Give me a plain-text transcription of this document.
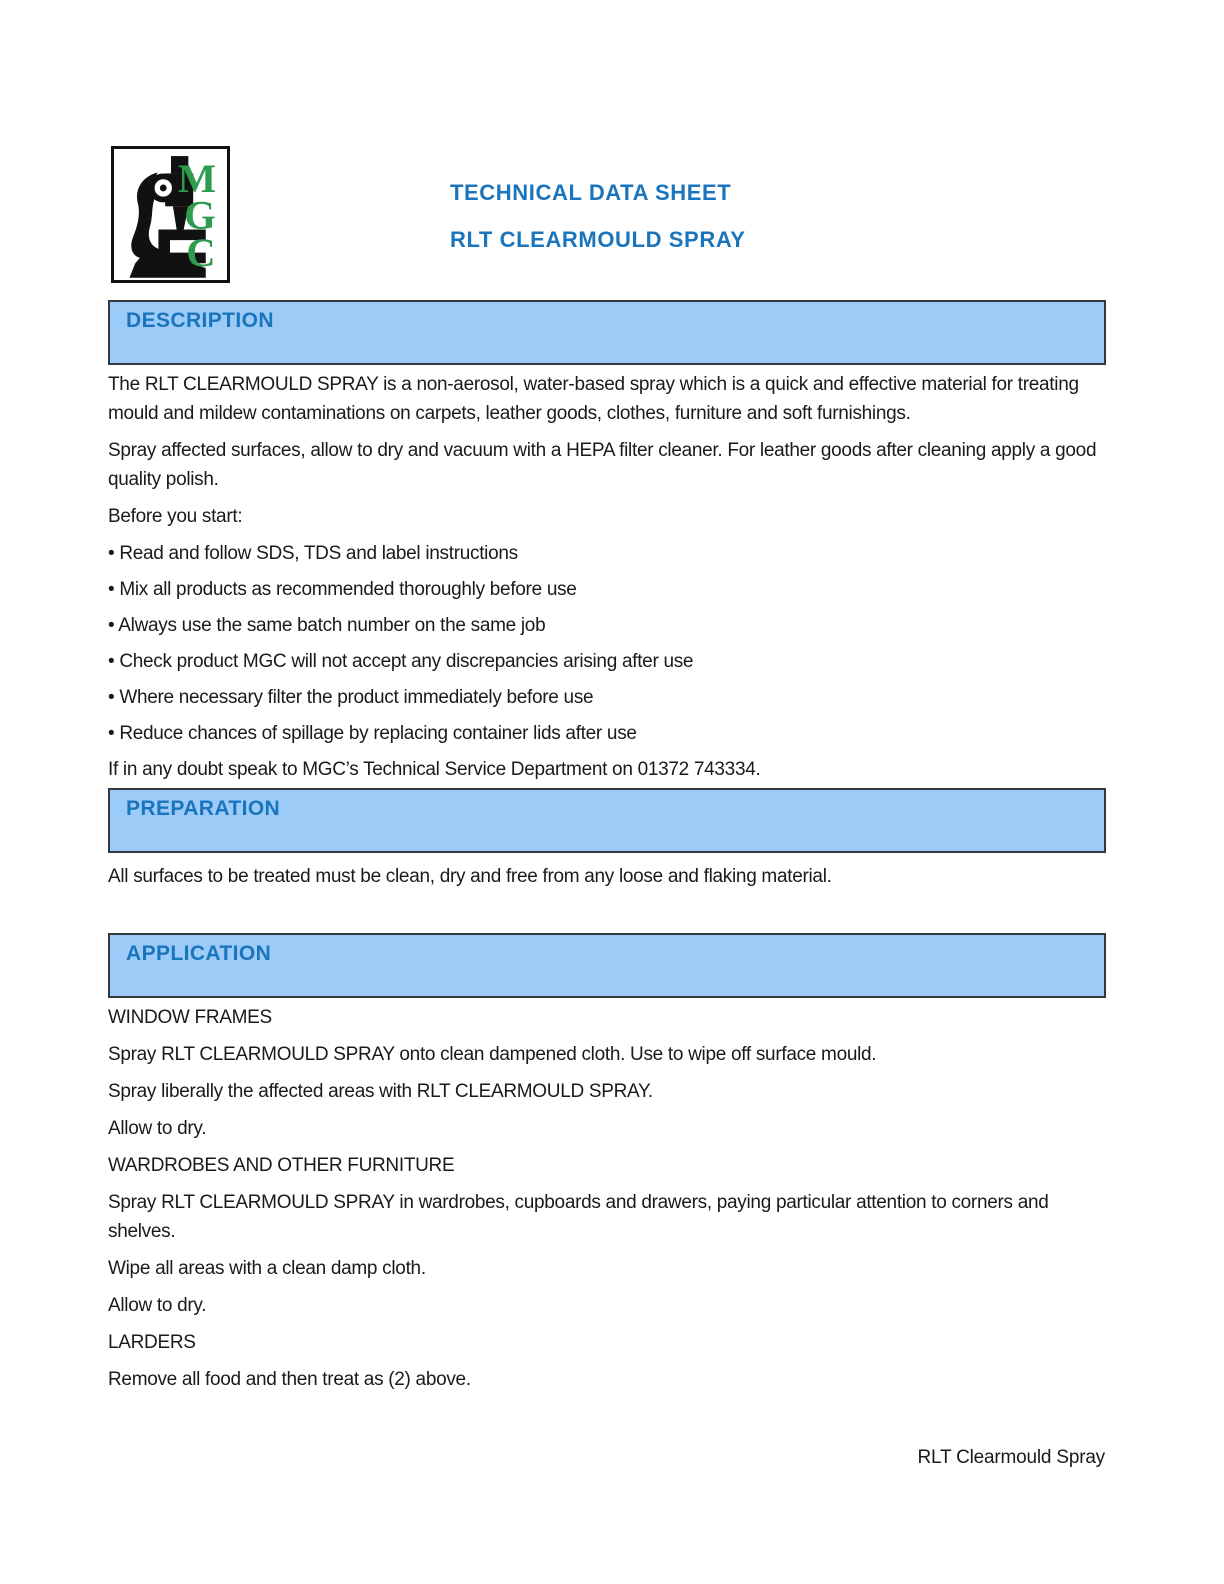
M
G
C
TECHNICAL DATA SHEET
RLT CLEARMOULD SPRAY
DESCRIPTION

The RLT CLEARMOULD SPRAY is a non-aerosol, water-based spray which is a quick and effective material for treating mould and mildew contaminations on carpets, leather goods, clothes, furniture and soft furnishings.

Spray affected surfaces, allow to dry and vacuum with a HEPA filter cleaner. For leather goods after cleaning apply a good quality polish.

Before you start:

• Read and follow SDS, TDS and label instructions

• Mix all products as recommended thoroughly before use

• Always use the same batch number on the same job

• Check product MGC will not accept any discrepancies arising after use

• Where necessary filter the product immediately before use

• Reduce chances of spillage by replacing container lids after use

If in any doubt speak to MGC’s Technical Service Department on 01372 743334.

PREPARATION

All surfaces to be treated must be clean, dry and free from any loose and flaking material.

APPLICATION

WINDOW FRAMES

Spray RLT CLEARMOULD SPRAY onto clean dampened cloth. Use to wipe off surface mould.

Spray liberally the affected areas with RLT CLEARMOULD SPRAY.

Allow to dry.

WARDROBES AND OTHER FURNITURE

Spray RLT CLEARMOULD SPRAY in wardrobes, cupboards and drawers, paying particular attention to corners and shelves.

Wipe all areas with a clean damp cloth.

Allow to dry.

LARDERS

Remove all food and then treat as (2) above.

RLT Clearmould Spray
